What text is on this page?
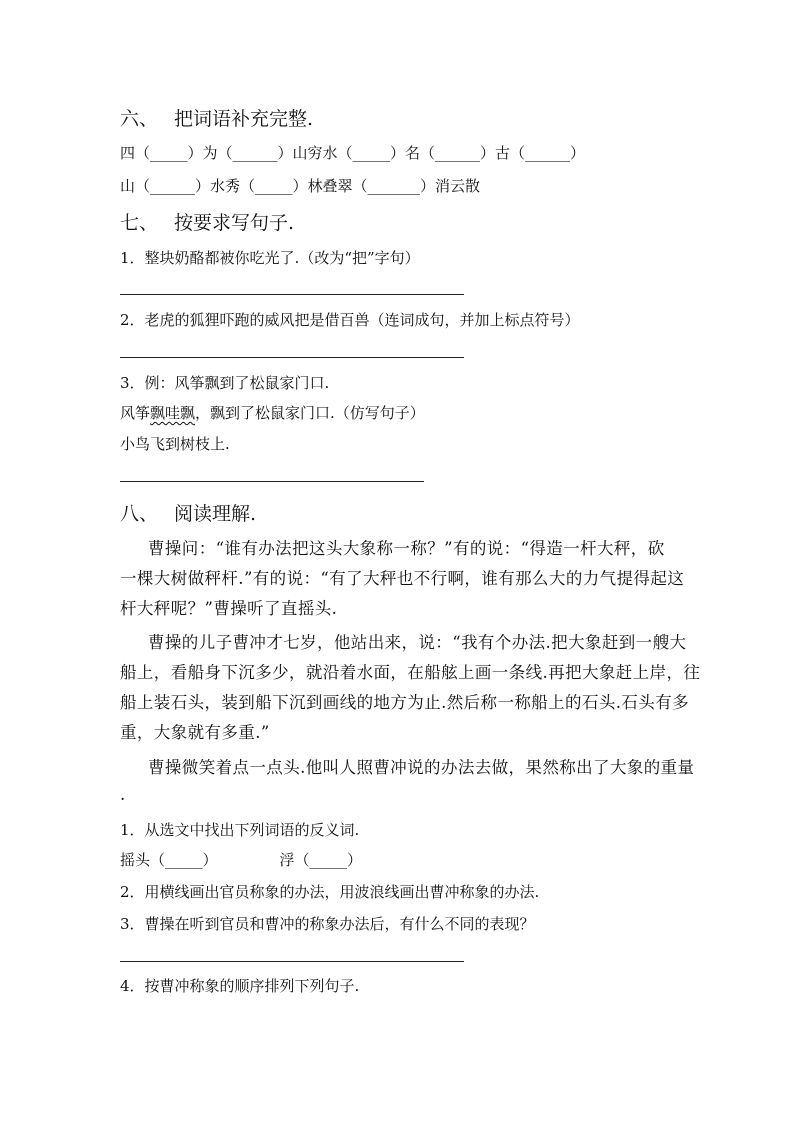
六、 把词语补充完整.
四（_____）为（______）山穷水（_____）名（______）古（______）
山（______）水秀（_____）林叠翠（_______）消云散
七、 按要求写句子.
1．整块奶酪都被你吃光了.（改为“把”字句）
2．老虎的狐狸吓跑的威风把是借百兽（连词成句，并加上标点符号）
3．例：风筝飘到了松鼠家门口.
风筝飘哇飘，飘到了松鼠家门口.（仿写句子）
小鸟飞到树枝上.
八、 阅读理解.
曹操问：“谁有办法把这头大象称一称？”有的说：“得造一杆大秤，砍
一棵大树做秤杆.”有的说：“有了大秤也不行啊，谁有那么大的力气提得起这
杆大秤呢？”曹操听了直摇头.
曹操的儿子曹冲才七岁，他站出来，说：“我有个办法.把大象赶到一艘大
船上，看船身下沉多少，就沿着水面，在船舷上画一条线.再把大象赶上岸，往
船上装石头，装到船下沉到画线的地方为止.然后称一称船上的石头.石头有多
重，大象就有多重.”
曹操微笑着点一点头.他叫人照曹冲说的办法去做，果然称出了大象的重量
.
1．从选文中找出下列词语的反义词.
摇头（_____）	浮（_____）
2．用横线画出官员称象的办法，用波浪线画出曹冲称象的办法.
3．曹操在听到官员和曹冲的称象办法后，有什么不同的表现？
4．按曹冲称象的顺序排列下列句子.
